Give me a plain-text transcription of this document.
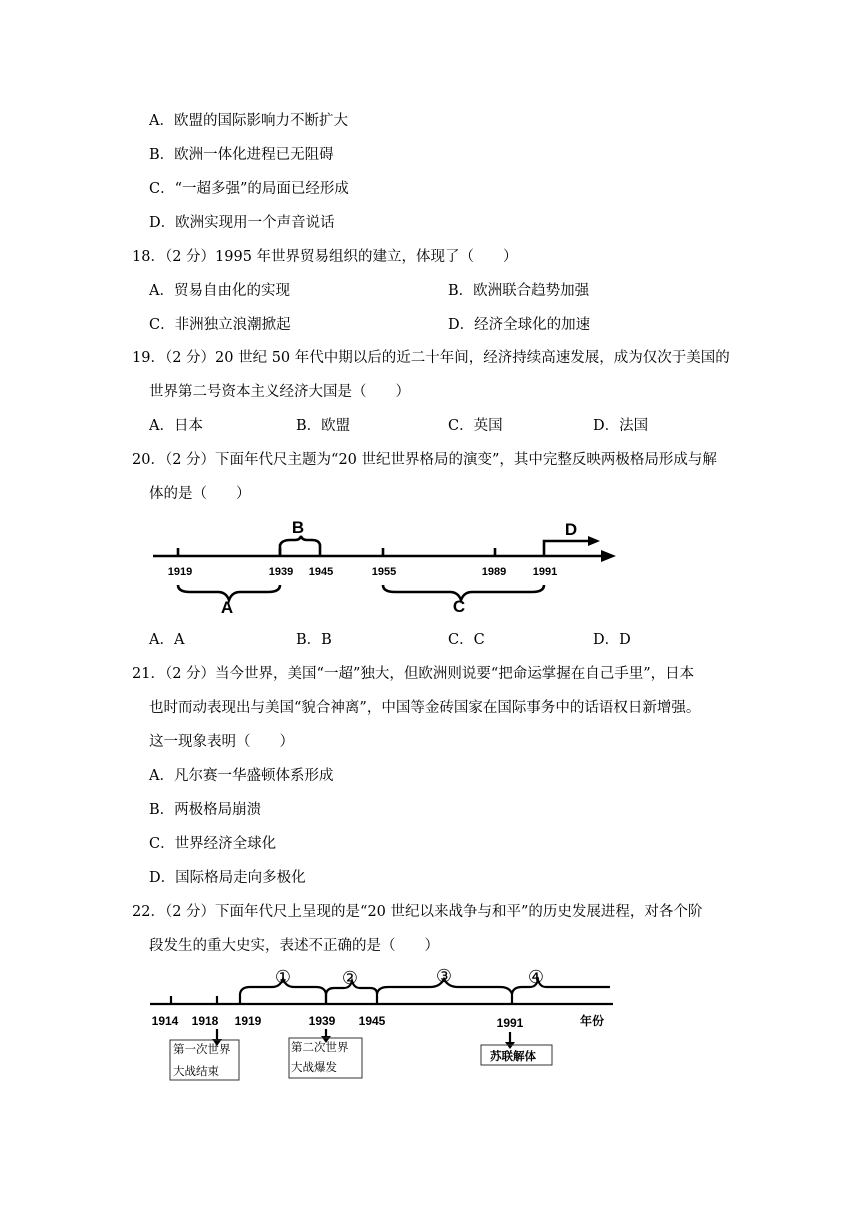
A．欧盟的国际影响力不断扩大
B．欧洲一体化进程已无阻碍
C．“一超多强”的局面已经形成
D．欧洲实现用一个声音说话
18．（2 分）1995 年世界贸易组织的建立，体现了（　　）
A．贸易自由化的实现	B．欧洲联合趋势加强
C．非洲独立浪潮掀起	D．经济全球化的加速
19．（2 分）20 世纪 50 年代中期以后的近二十年间，经济持续高速发展，成为仅次于美国的
世界第二号资本主义经济大国是（　　）
A．日本	B．欧盟	C．英国	D．法国
20．（2 分）下面年代尺主题为“20 世纪世界格局的演变”，其中完整反映两极格局形成与解
体的是（　　）
1919	1939 1945	1955	1989 1991
A
B
C
D
A．A	B．B	C．C	D．D
21．（2 分）当今世界，美国“一超”独大，但欧洲则说要“把命运掌握在自己手里”，日本
也时而动表现出与美国“貌合神离”，中国等金砖国家在国际事务中的话语权日新增强。
这一现象表明（　　）
A．凡尔赛一华盛顿体系形成
B．两极格局崩溃
C．世界经济全球化
D．国际格局走向多极化
22．（2 分）下面年代尺上呈现的是“20 世纪以来战争与和平”的历史发展进程，对各个阶
段发生的重大史实，表述不正确的是（　　）
1914 1918 1919	1939 1945	1991	年份
①	②	③	④
第一次世界
大战结束
第二次世界
大战爆发
苏联解体
